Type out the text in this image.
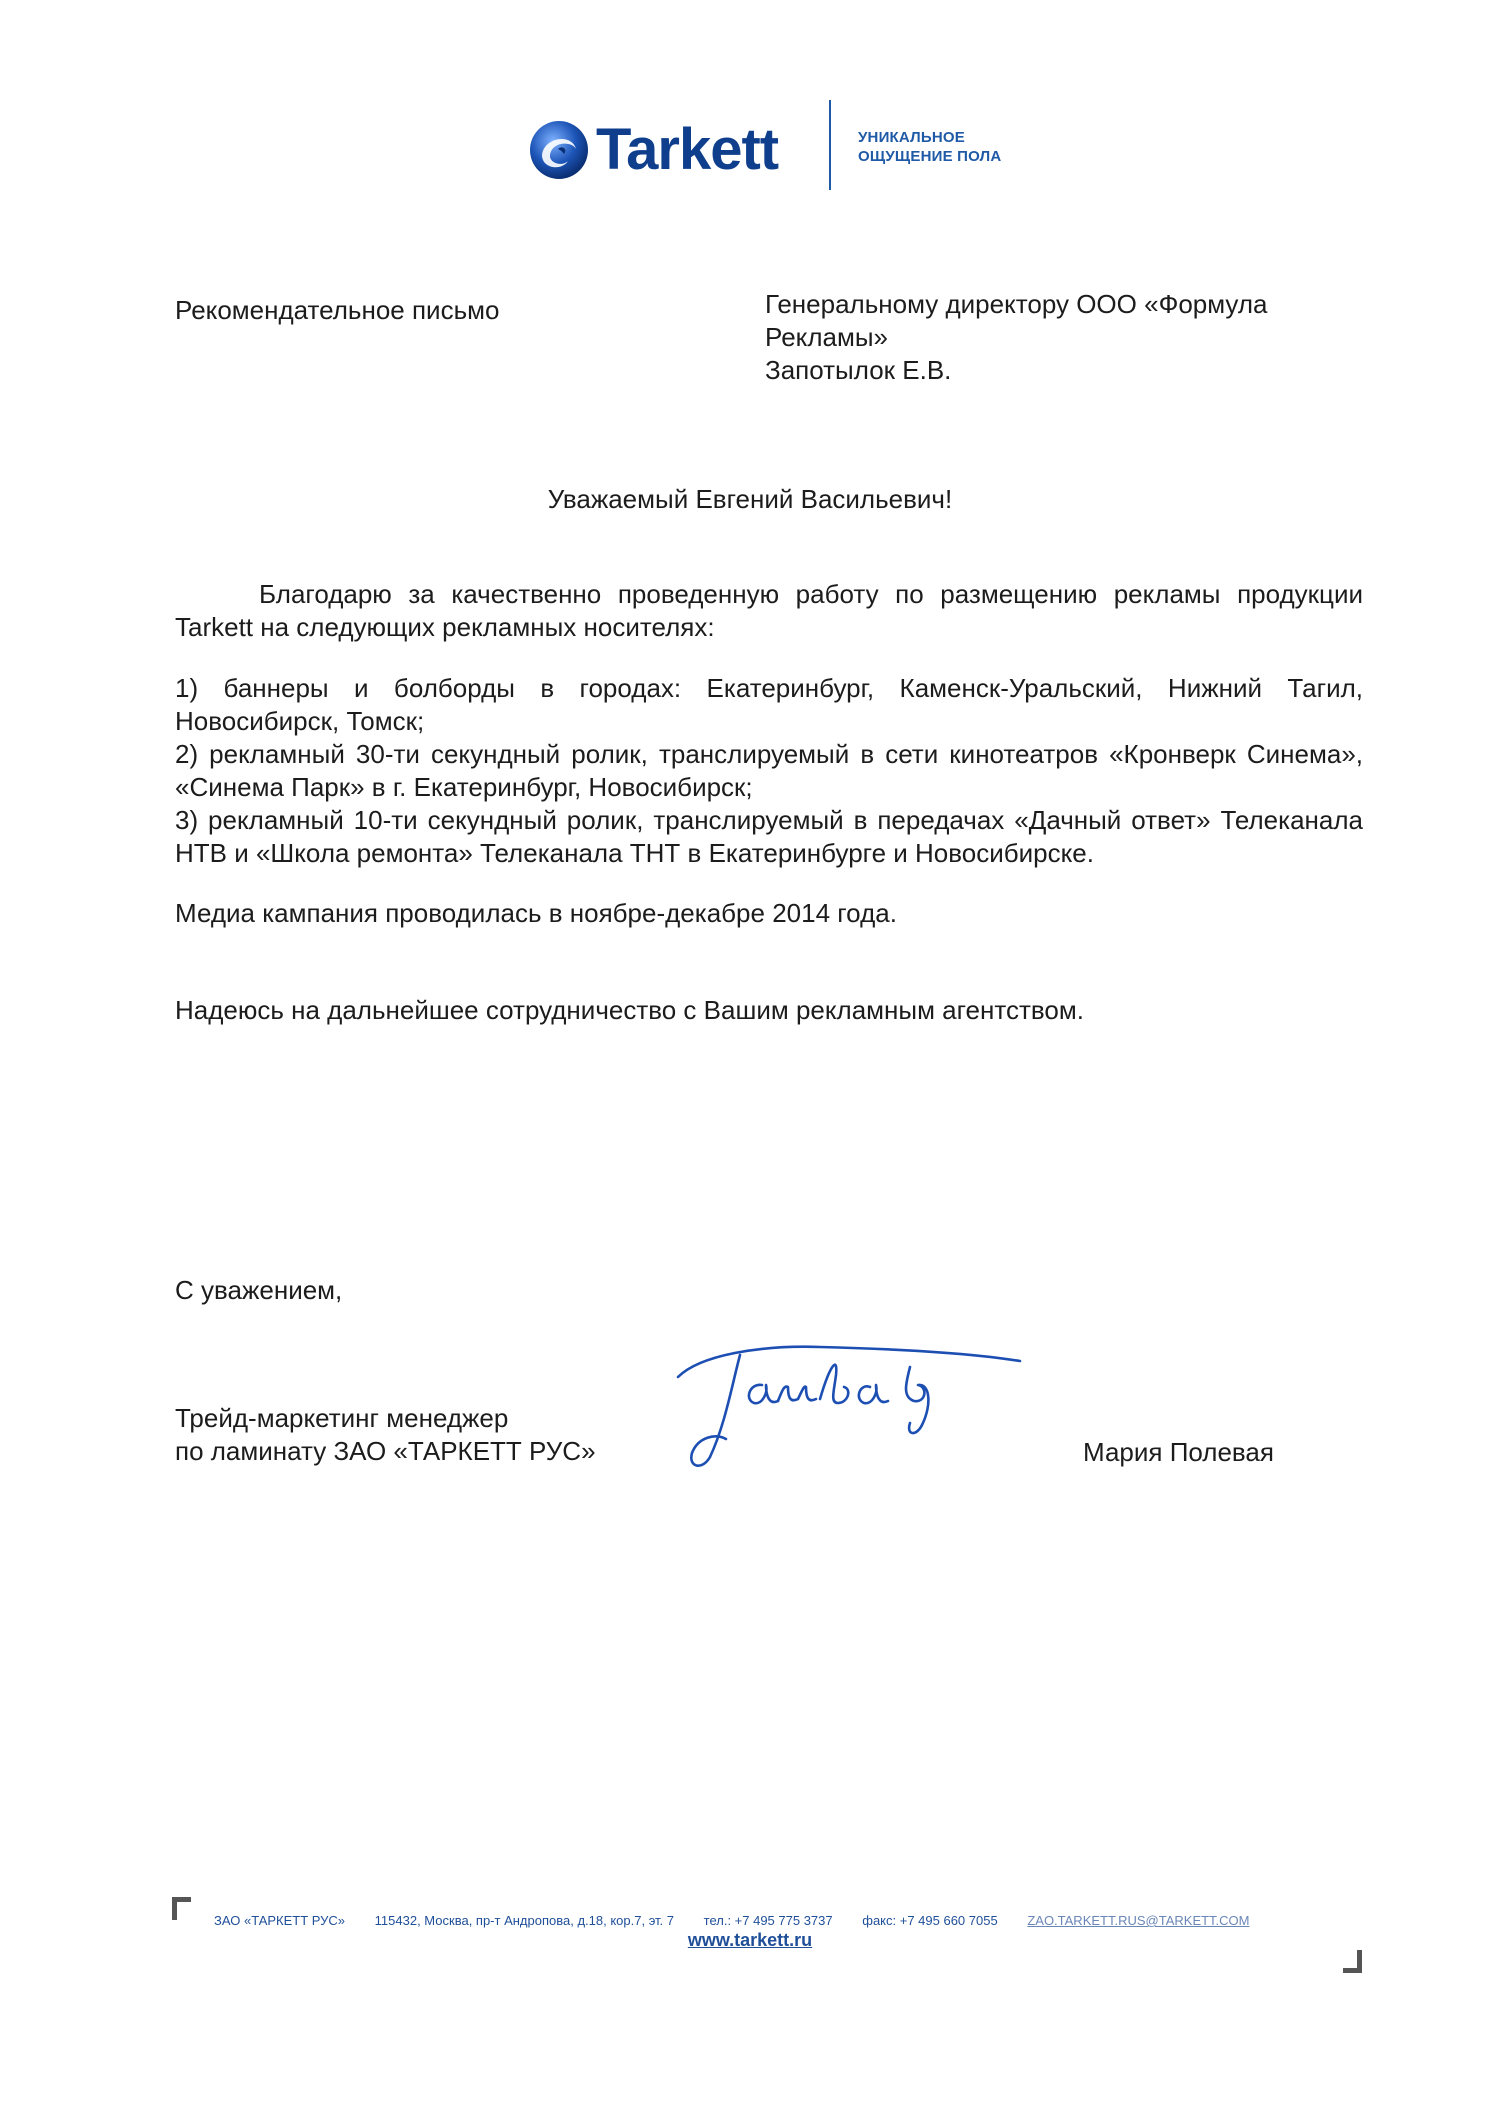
Tarkett	УНИКАЛЬНОЕ
ОЩУЩЕНИЕ ПОЛА
Рекомендательное письмо	Генеральному директору ООО «Формула
Рекламы»
Запотылок Е.В.
Уважаемый Евгений Васильевич!
Благодарю за качественно проведенную работу по размещению рекламы продукции Tarkett на следующих рекламных носителях:

1) баннеры и болборды в городах: Екатеринбург, Каменск-Уральский, Нижний Тагил, Новосибирск, Томск;

2) рекламный 30-ти секундный ролик, транслируемый в сети кинотеатров «Кронверк Синема», «Синема Парк» в г. Екатеринбург, Новосибирск;

3) рекламный 10-ти секундный ролик, транслируемый в передачах «Дачный ответ» Телеканала НТВ и «Школа ремонта» Телеканала ТНТ в Екатеринбурге и Новосибирске.

Медиа кампания проводилась в ноябре-декабре 2014 года.
Надеюсь на дальнейшее сотрудничество с Вашим рекламным агентством.
С уважением,
Трейд-маркетинг менеджер
по ламинату ЗАО «ТАРКЕТТ РУС»	Мария Полевая
ЗАО «ТАРКЕТТ РУС» 115432, Москва, пр-т Андропова, д.18, кор.7, эт. 7 тел.: +7 495 775 3737 факс: +7 495 660 7055 ZAO.TARKETT.RUS@TARKETT.COM
www.tarkett.ru
